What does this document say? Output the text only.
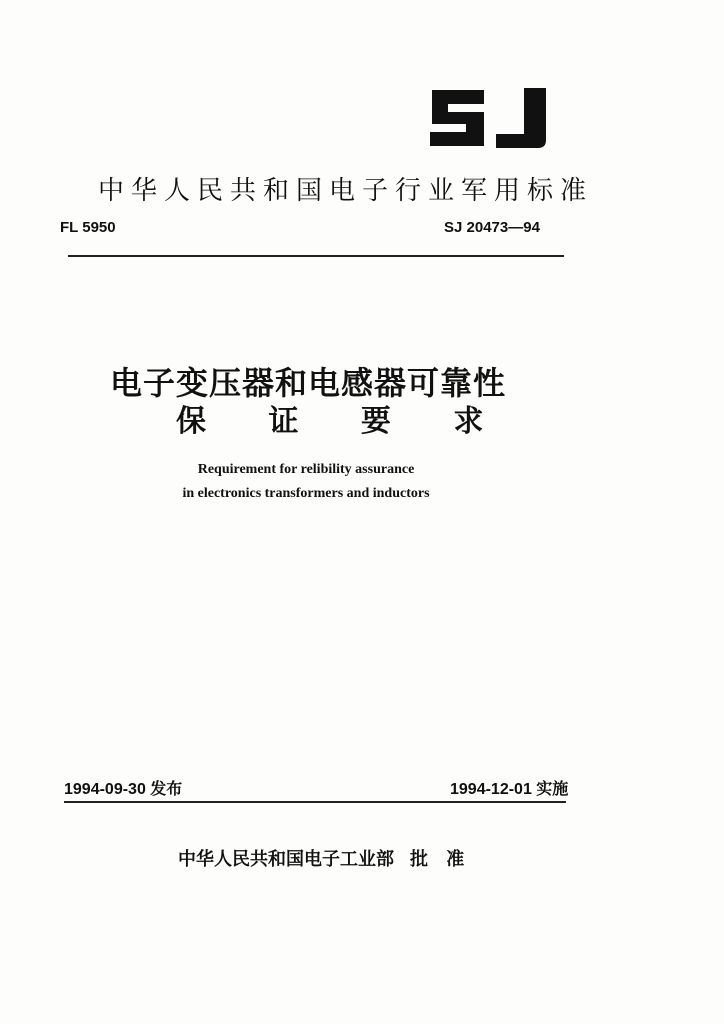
中华人民共和国电子行业军用标准
FL 5950	SJ 20473—94
电子变压器和电感器可靠性
保 证 要 求
Requirement for relibility assurance
in electronics transformers and inductors
1994-09-30 发布	1994-12-01 实施
中华人民共和国电子工业部 批 准
